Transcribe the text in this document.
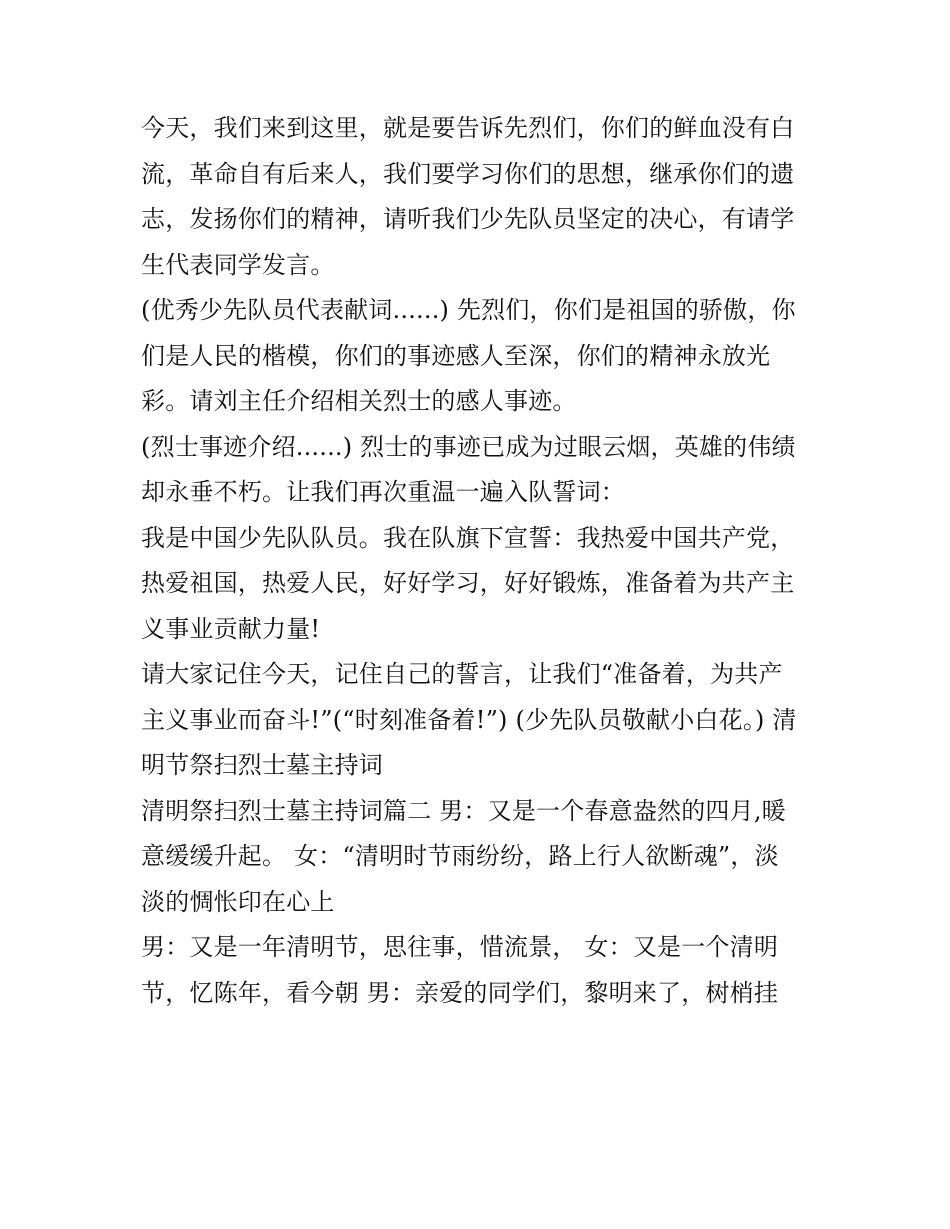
今天，我们来到这里，就是要告诉先烈们，你们的鲜血没有白
流，革命自有后来人，我们要学习你们的思想，继承你们的遗
志，发扬你们的精神，请听我们少先队员坚定的决心，有请学
生代表同学发言。
(优秀少先队员代表献词......) 先烈们，你们是祖国的骄傲，你
们是人民的楷模，你们的事迹感人至深，你们的精神永放光
彩。请刘主任介绍相关烈士的感人事迹。
(烈士事迹介绍......) 烈士的事迹已成为过眼云烟，英雄的伟绩
却永垂不朽。让我们再次重温一遍入队誓词：
我是中国少先队队员。我在队旗下宣誓：我热爱中国共产党，
热爱祖国，热爱人民，好好学习，好好锻炼，准备着为共产主
义事业贡献力量!
请大家记住今天，记住自己的誓言，让我们“准备着，为共产
主义事业而奋斗!”(“时刻准备着!”) (少先队员敬献小白花。) 清
明节祭扫烈士墓主持词
清明祭扫烈士墓主持词篇二 男：又是一个春意盎然的四月,暖
意缓缓升起。 女：“清明时节雨纷纷，路上行人欲断魂”，淡
淡的惆怅印在心上
男：又是一年清明节，思往事，惜流景， 女：又是一个清明
节，忆陈年，看今朝 男：亲爱的同学们，黎明来了，树梢挂
